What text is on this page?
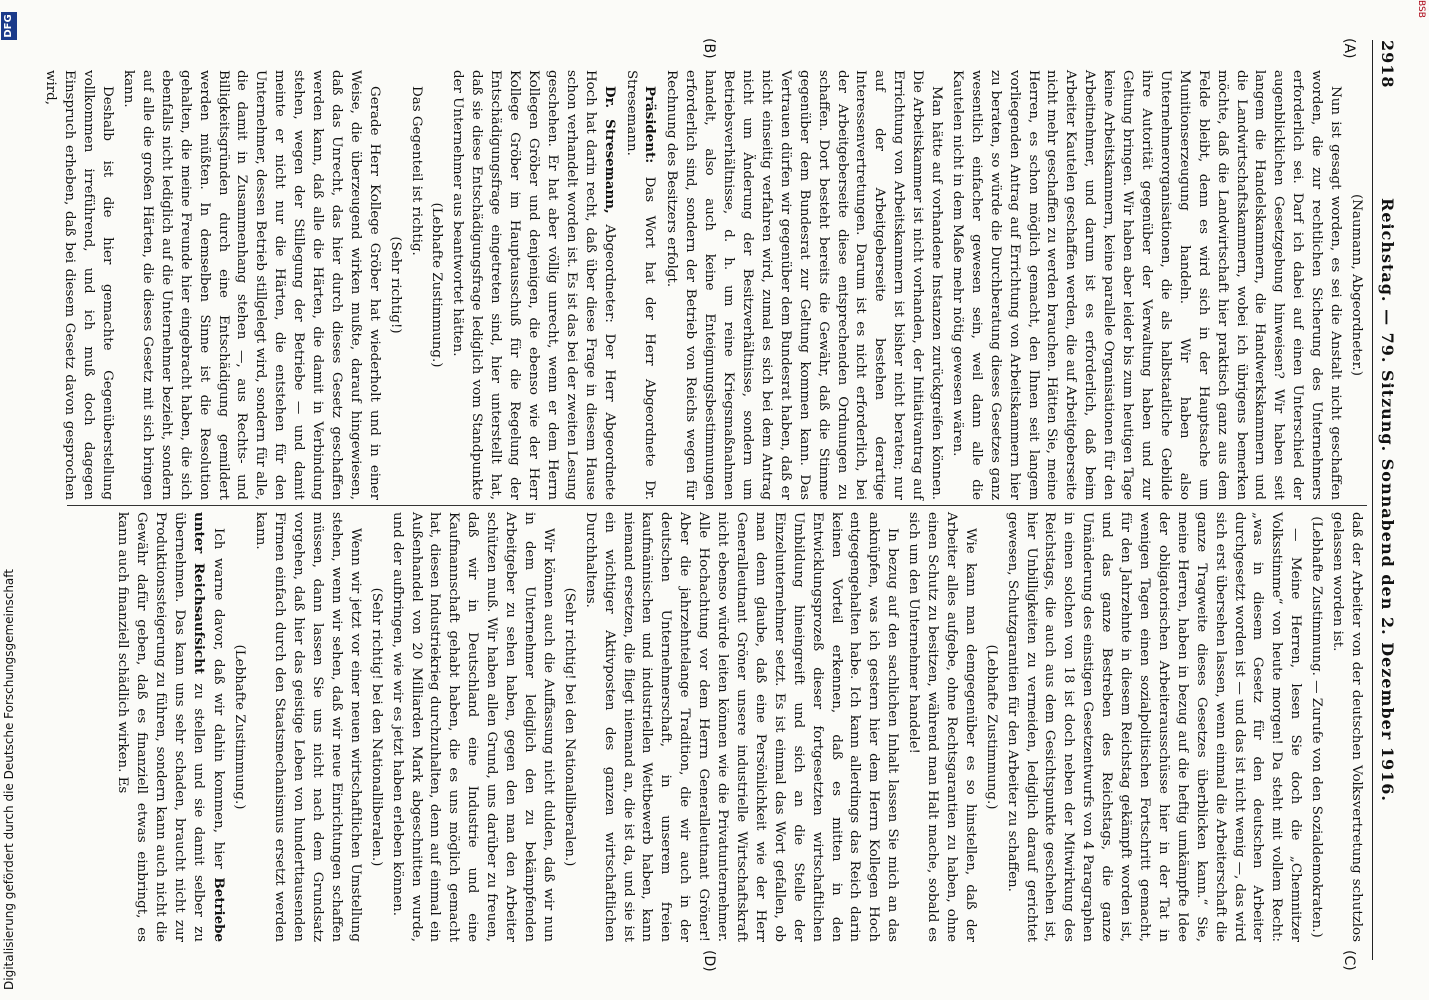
2918
Reichstag. — 79. Sitzung. Sonnabend den 2. Dezember 1916.
(A)
(B)
(C)
(D)

(Naumann, Abgeordneter.)

Nun ist gesagt worden, es sei die Anstalt nicht geschaffen worden, die zur rechtlichen Sicherung des Unternehmers erforderlich sei. Darf ich dabei auf einen Unterschied der augenblicklichen Gesetzgebung hinweisen? Wir haben seit langem die Handelskammern, die Handwerkskammern und die Landwirtschaftskammern, wobei ich übrigens bemerken möchte, daß die Landwirtschaft hier praktisch ganz aus dem Felde bleibt, denn es wird sich in der Hauptsache um Munitionserzeugung handeln. Wir haben also Unternehmerorganisationen, die als halbstaatliche Gebilde ihre Autorität gegenüber der Verwaltung haben und zur Geltung bringen. Wir haben aber leider bis zum heutigen Tage keine Arbeitskammern, keine parallele Organisationen für den Arbeitnehmer, und darum ist es erforderlich, daß beim Arbeiter Kautelen geschaffen werden, die auf Arbeitgeberseite nicht mehr geschaffen zu werden brauchen. Hätten Sie, meine Herren, es schon möglich gemacht, den Ihnen seit langem vorliegenden Antrag auf Errichtung von Arbeitskammern hier zu beraten, so würde die Durchberatung dieses Gesetzes ganz wesentlich einfacher gewesen sein, weil dann alle die Kautelen nicht in dem Maße mehr nötig gewesen wären.

Man hätte auf vorhandene Instanzen zurückgreifen können. Die Arbeitskammer ist nicht vorhanden, der Initiativantrag auf Errichtung von Arbeitskammern ist bisher nicht beraten; nur auf der Arbeitgeberseite bestehen derartige Interessenvertretungen. Darum ist es nicht erforderlich, bei der Arbeitgeberseite diese entsprechenden Ordnungen zu schaffen. Dort besteht bereits die Gewähr, daß die Stimme gegenüber dem Bundesrat zur Geltung kommen kann. Das Vertrauen dürfen wir gegenüber dem Bundesrat haben, daß er nicht einseitig verfahren wird, zumal es sich bei dem Antrag nicht um Änderung der Besitzverhältnisse, sondern um Betriebsverhältnisse, d. h. um reine Kriegsmaßnahmen handelt, also auch keine Enteignungsbestimmungen erforderlich sind, sondern der Betrieb von Reichs wegen für Rechnung des Besitzers erfolgt.

Präsident: Das Wort hat der Herr Abgeordnete Dr. Stresemann.

Dr. Stresemann, Abgeordneter: Der Herr Abgeordnete Hoch hat darin recht, daß über diese Frage in diesem Hause schon verhandelt worden ist. Es ist das bei der zweiten Lesung geschehen. Er hat aber völlig unrecht, wenn er dem Herrn Kollegen Gröber und denjenigen, die ebenso wie der Herr Kollege Gröber im Hauptausschuß für die Regelung der Entschädigungsfrage eingetreten sind, hier unterstellt hat, daß sie diese Entschädigungsfrage lediglich vom Standpunkte der Unternehmer aus beantwortet hätten.

(Lebhafte Zustimmung.)

Das Gegenteil ist richtig.

(Sehr richtig!)

Gerade Herr Kollege Gröber hat wiederholt und in einer Weise, die überzeugend wirken mußte, darauf hingewiesen, daß das Unrecht, das hier durch dieses Gesetz geschaffen werden kann, daß alle die Härten, die damit in Verbindung stehen, wegen der Stillegung der Betriebe — und damit meinte er nicht nur die Härten, die entstehen für den Unternehmer, dessen Betrieb stillgelegt wird, sondern für alle, die damit in Zusammenhang stehen —, aus Rechts- und Billigkeitsgründen durch eine Entschädigung gemildert werden müßten. In demselben Sinne ist die Resolution gehalten, die meine Freunde hier eingebracht haben, die sich ebenfalls nicht lediglich auf die Unternehmer bezieht, sondern auf alle die großen Härten, die dieses Gesetz mit sich bringen kann.

Deshalb ist die hier gemachte Gegenüberstellung vollkommen irreführend, und ich muß doch dagegen Einspruch erheben, daß bei diesem Gesetz davon gesprochen wird,

daß der Arbeiter von der deutschen Volksvertretung schutzlos gelassen worden ist.

(Lebhafte Zustimmung. — Zurufe von den Sozialdemokraten.)

— Meine Herren, lesen Sie doch die „Chemnitzer Volksstimme“ von heute morgen! Da steht mit vollem Recht: „was in diesem Gesetz für den deutschen Arbeiter durchgesetzt worden ist — und das ist nicht wenig —, das wird sich erst übersehen lassen, wenn einmal die Arbeiterschaft die ganze Tragweite dieses Gesetzes überblicken kann.“ Sie, meine Herren, haben in bezug auf die heftig umkämpfte Idee der obligatorischen Arbeiterausschüsse hier in der Tat in wenigen Tagen einen sozialpolitischen Fortschritt gemacht, für den Jahrzehnte in diesem Reichstag gekämpft worden ist, und das ganze Bestreben des Reichstags, die ganze Umänderung des einstigen Gesetzentwurfs von 4 Paragraphen in einen solchen von 18 ist doch neben der Mitwirkung des Reichstags, die auch aus dem Gesichtspunkte geschehen ist, hier Unbilligkeiten zu vermeiden, lediglich darauf gerichtet gewesen, Schutzgarantien für den Arbeiter zu schaffen.

(Lebhafte Zustimmung.)

Wie kann man demgegenüber es so hinstellen, daß der Arbeiter alles aufgebe, ohne Rechtsgarantien zu haben, ohne einen Schutz zu besitzen, während man Halt mache, sobald es sich um den Unternehmer handele!

In bezug auf den sachlichen Inhalt lassen Sie mich an das anknüpfen, was ich gestern hier dem Herrn Kollegen Hoch entgegengehalten habe. Ich kann allerdings das Reich darin keinen Vorteil erkennen, daß es mitten in den Entwicklungsprozeß dieser fortgesetzten wirtschaftlichen Umbildung hineingreift und sich an die Stelle der Einzelunternehmer setzt. Es ist einmal das Wort gefallen, ob man denn glaube, daß eine Persönlichkeit wie der Herr Generalleutnant Gröner unsere industrielle Wirtschaftskraft nicht ebenso würde leiten können wie die Privatunternehmer. Alle Hochachtung vor dem Herrn Generalleutnant Gröner! Aber die jahrzehntelange Tradition, die wir auch in der deutschen Unternehmerschaft, in unserem freien kaufmännischen und industriellen Wettbewerb haben, kann niemand ersetzen, die fliegt niemand an, die ist da, und sie ist ein wichtiger Aktivposten des ganzen wirtschaftlichen Durchhaltens.

(Sehr richtig! bei den Nationalliberalen.)

Wir können auch die Auffassung nicht dulden, daß wir nun in dem Unternehmer lediglich den zu bekämpfenden Arbeitgeber zu sehen haben, gegen den man den Arbeiter schützen muß. Wir haben allen Grund, uns darüber zu freuen, daß wir in Deutschland eine Industrie und eine Kaufmannschaft gehabt haben, die es uns möglich gemacht hat, diesen Industriekrieg durchzuhalten, denn auf einmal ein Außenhandel von 20 Milliarden Mark abgeschnitten wurde, und der aufbringen, wie wir es jetzt haben erleben können.

(Sehr richtig! bei den Nationalliberalen.)

Wenn wir jetzt vor einer neuen wirtschaftlichen Umstellung stehen, wenn wir sehen, daß wir neue Einrichtungen schaffen müssen, dann lassen Sie uns nicht nach dem Grundsatz vorgehen, daß hier das geistige Leben von hunderttausenden Firmen einfach durch den Staatsmechanismus ersetzt werden kann.

(Lebhafte Zustimmung.)

Ich warne davor, daß wir dahin kommen, hier Betriebe unter Reichsaufsicht zu stellen und sie damit selber zu übernehmen. Das kann uns sehr schaden, braucht nicht zur Produktionssteigerung zu führen, sondern kann auch nicht die Gewähr dafür geben, daß es finanziell etwas einbringt, es kann auch finanziell schädlich wirken. Es

BSB
Digitalisierung gefördert durch die Deutsche Forschungsgemeinschaft
DFG
